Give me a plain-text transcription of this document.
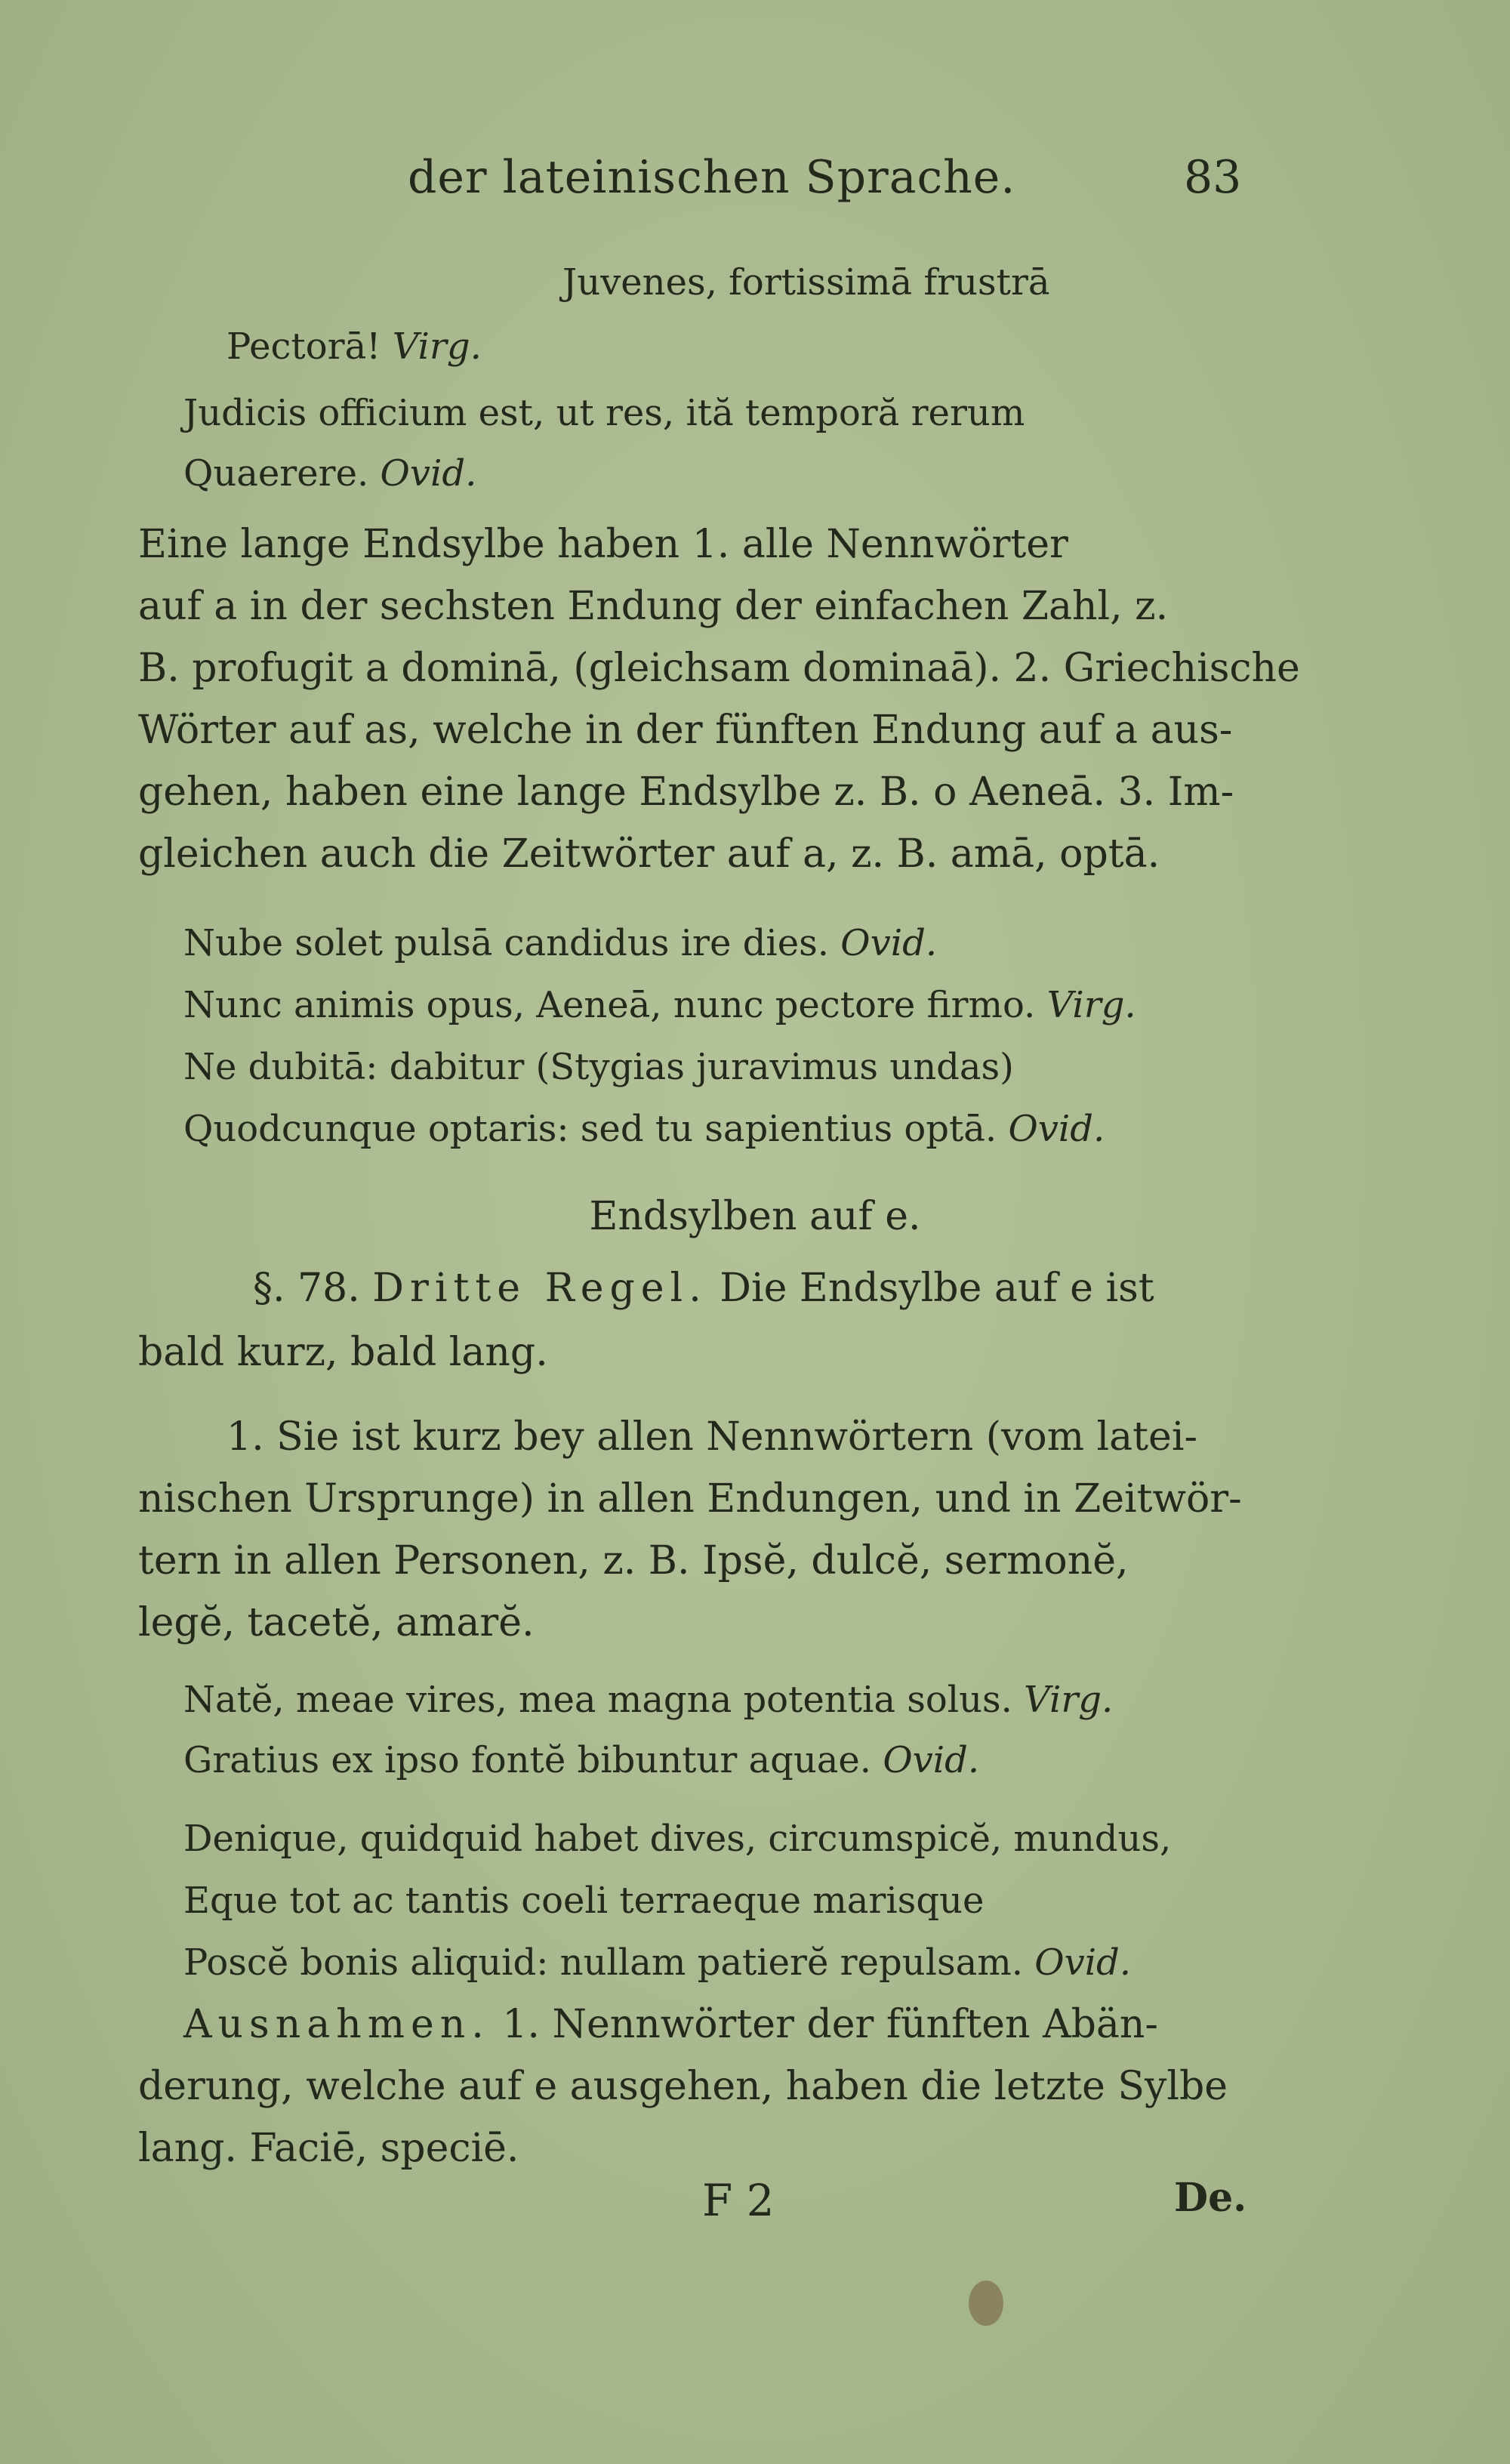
der lateinischen Sprache.	83
Juvenes, fortissimā frustrā
Pectorā! Virg.
Judicis officium est, ut res, ită temporă rerum
Quaerere. Ovid.
Eine lange Endsylbe haben 1. alle Nennwörter
auf a in der sechsten Endung der einfachen Zahl, z.
B. profugit a dominā, (gleichsam dominaā). 2. Griechische
Wörter auf as, welche in der fünften Endung auf a aus-
gehen, haben eine lange Endsylbe z. B. o Aeneā. 3. Im-
gleichen auch die Zeitwörter auf a, z. B. amā, optā.
Nube solet pulsā candidus ire dies. Ovid.
Nunc animis opus, Aeneā, nunc pectore firmo. Virg.
Ne dubitā: dabitur (Stygias juravimus undas)
Quodcunque optaris: sed tu sapientius optā. Ovid.
Endsylben auf e.
§. 78. Dritte Regel. Die Endsylbe auf e ist
bald kurz, bald lang.
1. Sie ist kurz bey allen Nennwörtern (vom latei-
nischen Ursprunge) in allen Endungen, und in Zeitwör-
tern in allen Personen, z. B. Ipsĕ, dulcĕ, sermonĕ,
legĕ, tacetĕ, amarĕ.
Natĕ, meae vires, mea magna potentia solus. Virg.
Gratius ex ipso fontĕ bibuntur aquae. Ovid.
Denique, quidquid habet dives, circumspicĕ, mundus,
Eque tot ac tantis coeli terraeque marisque
Poscĕ bonis aliquid: nullam patierĕ repulsam. Ovid.
Ausnahmen. 1. Nennwörter der fünften Abän-
derung, welche auf e ausgehen, haben die letzte Sylbe
lang. Faciē, speciē.
F 2	De.
